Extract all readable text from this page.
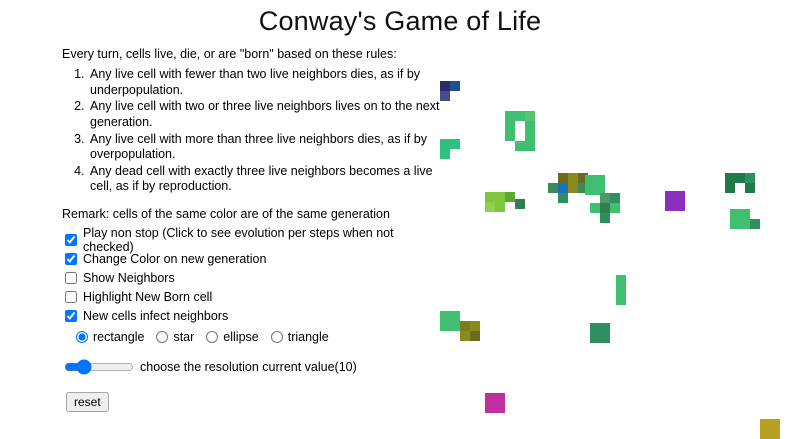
Conway's Game of Life

Every turn, cells live, die, or are "born" based on these rules:

1. Any live cell with fewer than two live neighbors dies, as if by underpopulation.
2. Any live cell with two or three live neighbors lives on to the next generation.
3. Any live cell with more than three live neighbors dies, as if by overpopulation.
4. Any dead cell with exactly three live neighbors becomes a live cell, as if by reproduction.

Remark: cells of the same color are of the same generation

Play non stop (Click to see evolution per steps when not checked)
Change Color on new generation
Show Neighbors
Highlight New Born cell
New cells infect neighbors
rectangle star ellipse triangle
choose the resolution current value(10)
reset
